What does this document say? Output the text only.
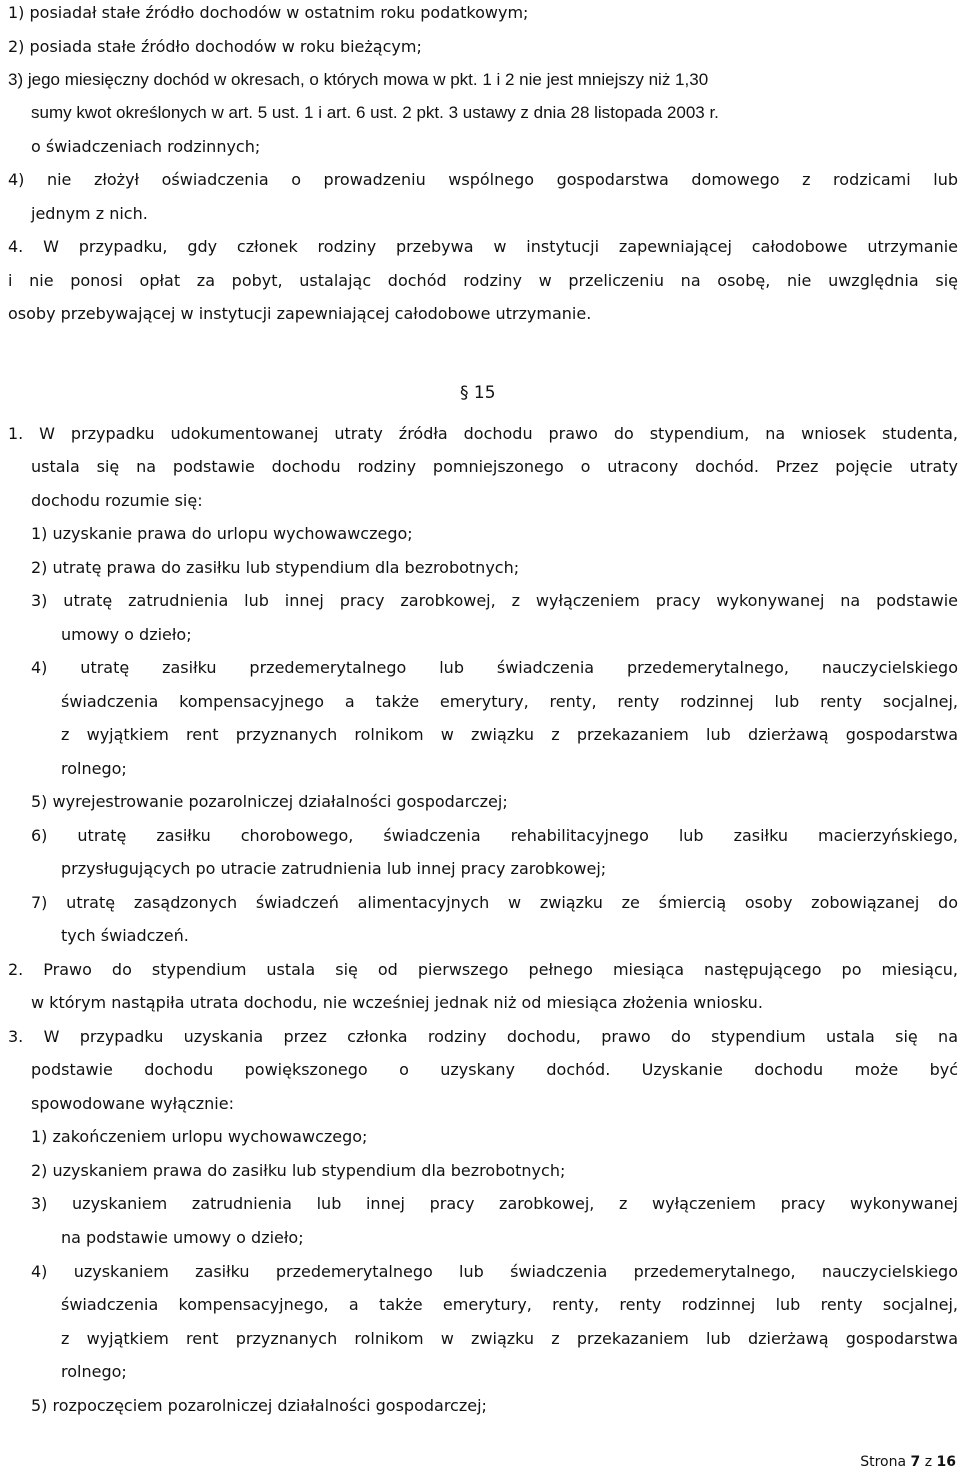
1) posiadał stałe źródło dochodów w ostatnim roku podatkowym;
2) posiada stałe źródło dochodów w roku bieżącym;
3) jego miesięczny dochód w okresach, o których mowa w pkt. 1 i 2 nie jest mniejszy niż 1,30
sumy kwot określonych w art. 5 ust. 1 i art. 6 ust. 2 pkt. 3 ustawy z dnia 28 listopada 2003 r.
o świadczeniach rodzinnych;
4) nie złożył oświadczenia o prowadzeniu wspólnego gospodarstwa domowego z rodzicami lub
jednym z nich.
4. W przypadku, gdy członek rodziny przebywa w instytucji zapewniającej całodobowe utrzymanie
i nie ponosi opłat za pobyt, ustalając dochód rodziny w przeliczeniu na osobę, nie uwzględnia się
osoby przebywającej w instytucji zapewniającej całodobowe utrzymanie.
§ 15
1. W przypadku udokumentowanej utraty źródła dochodu prawo do stypendium, na wniosek studenta,
ustala się na podstawie dochodu rodziny pomniejszonego o utracony dochód. Przez pojęcie utraty
dochodu rozumie się:
1) uzyskanie prawa do urlopu wychowawczego;
2) utratę prawa do zasiłku lub stypendium dla bezrobotnych;
3) utratę zatrudnienia lub innej pracy zarobkowej, z wyłączeniem pracy wykonywanej na podstawie
umowy o dzieło;
4) utratę zasiłku przedemerytalnego lub świadczenia przedemerytalnego, nauczycielskiego
świadczenia kompensacyjnego a także emerytury, renty, renty rodzinnej lub renty socjalnej,
z wyjątkiem rent przyznanych rolnikom w związku z przekazaniem lub dzierżawą gospodarstwa
rolnego;
5) wyrejestrowanie pozarolniczej działalności gospodarczej;
6) utratę zasiłku chorobowego, świadczenia rehabilitacyjnego lub zasiłku macierzyńskiego,
przysługujących po utracie zatrudnienia lub innej pracy zarobkowej;
7) utratę zasądzonych świadczeń alimentacyjnych w związku ze śmiercią osoby zobowiązanej do
tych świadczeń.
2. Prawo do stypendium ustala się od pierwszego pełnego miesiąca następującego po miesiącu,
w którym nastąpiła utrata dochodu, nie wcześniej jednak niż od miesiąca złożenia wniosku.
3. W przypadku uzyskania przez członka rodziny dochodu, prawo do stypendium ustala się na
podstawie dochodu powiększonego o uzyskany dochód. Uzyskanie dochodu może być
spowodowane wyłącznie:
1) zakończeniem urlopu wychowawczego;
2) uzyskaniem prawa do zasiłku lub stypendium dla bezrobotnych;
3) uzyskaniem zatrudnienia lub innej pracy zarobkowej, z wyłączeniem pracy wykonywanej
na podstawie umowy o dzieło;
4) uzyskaniem zasiłku przedemerytalnego lub świadczenia przedemerytalnego, nauczycielskiego
świadczenia kompensacyjnego, a także emerytury, renty, renty rodzinnej lub renty socjalnej,
z wyjątkiem rent przyznanych rolnikom w związku z przekazaniem lub dzierżawą gospodarstwa
rolnego;
5) rozpoczęciem pozarolniczej działalności gospodarczej;
Strona 7 z 16
